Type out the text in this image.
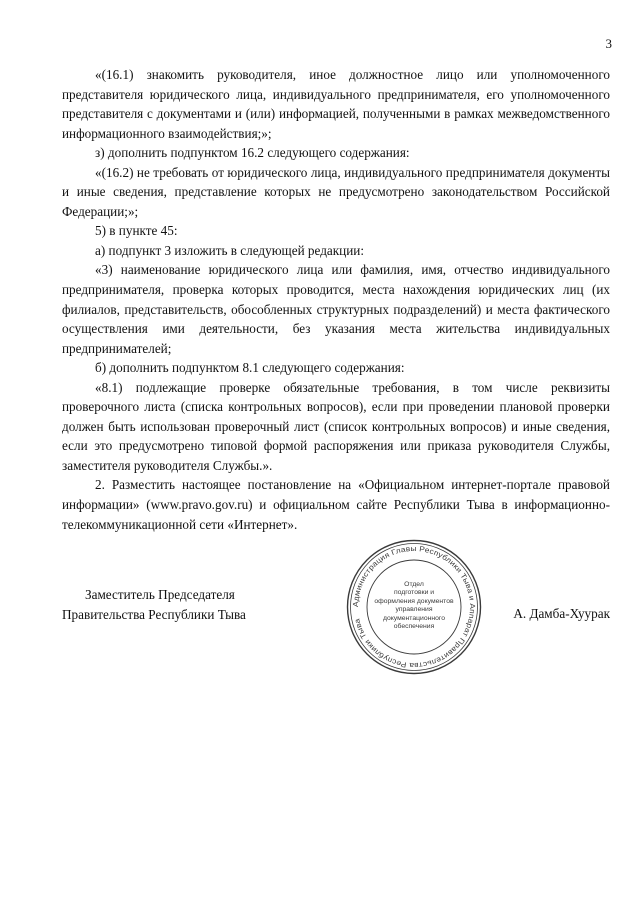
3

«(16.1) знакомить руководителя, иное должностное лицо или уполномоченного представителя юридического лица, индивидуального предпринимателя, его уполномоченного представителя с документами и (или) информацией, полученными в рамках межведомственного информационного взаимодействия;»;

з) дополнить подпунктом 16.2 следующего содержания:

«(16.2) не требовать от юридического лица, индивидуального предпринимателя документы и иные сведения, представление которых не предусмотрено законодательством Российской Федерации;»;

5) в пункте 45:

а) подпункт 3 изложить в следующей редакции:

«3) наименование юридического лица или фамилия, имя, отчество индивидуального предпринимателя, проверка которых проводится, места нахождения юридических лиц (их филиалов, представительств, обособленных структурных подразделений) и места фактического осуществления ими деятельности, без указания места жительства индивидуальных предпринимателей;

б) дополнить подпунктом 8.1 следующего содержания:

«8.1) подлежащие проверке обязательные требования, в том числе реквизиты проверочного листа (списка контрольных вопросов), если при проведении плановой проверки должен быть использован проверочный лист (список контрольных вопросов) и иные сведения, если это предусмотрено типовой формой распоряжения или приказа руководителя Службы, заместителя руководителя Службы.».

2. Разместить настоящее постановление на «Официальном интернет-портале правовой информации» (www.pravo.gov.ru) и официальном сайте Республики Тыва в информационно-телекоммуникационной сети «Интернет».

Заместитель Председателя
Правительства Республики Тыва	А. Дамба-Хуурак
Администрация Главы Республики Тыва и Аппарат Правительства Республики Тыва
Отдел
подготовки и
оформления документов
управления
документационного
обеспечения
